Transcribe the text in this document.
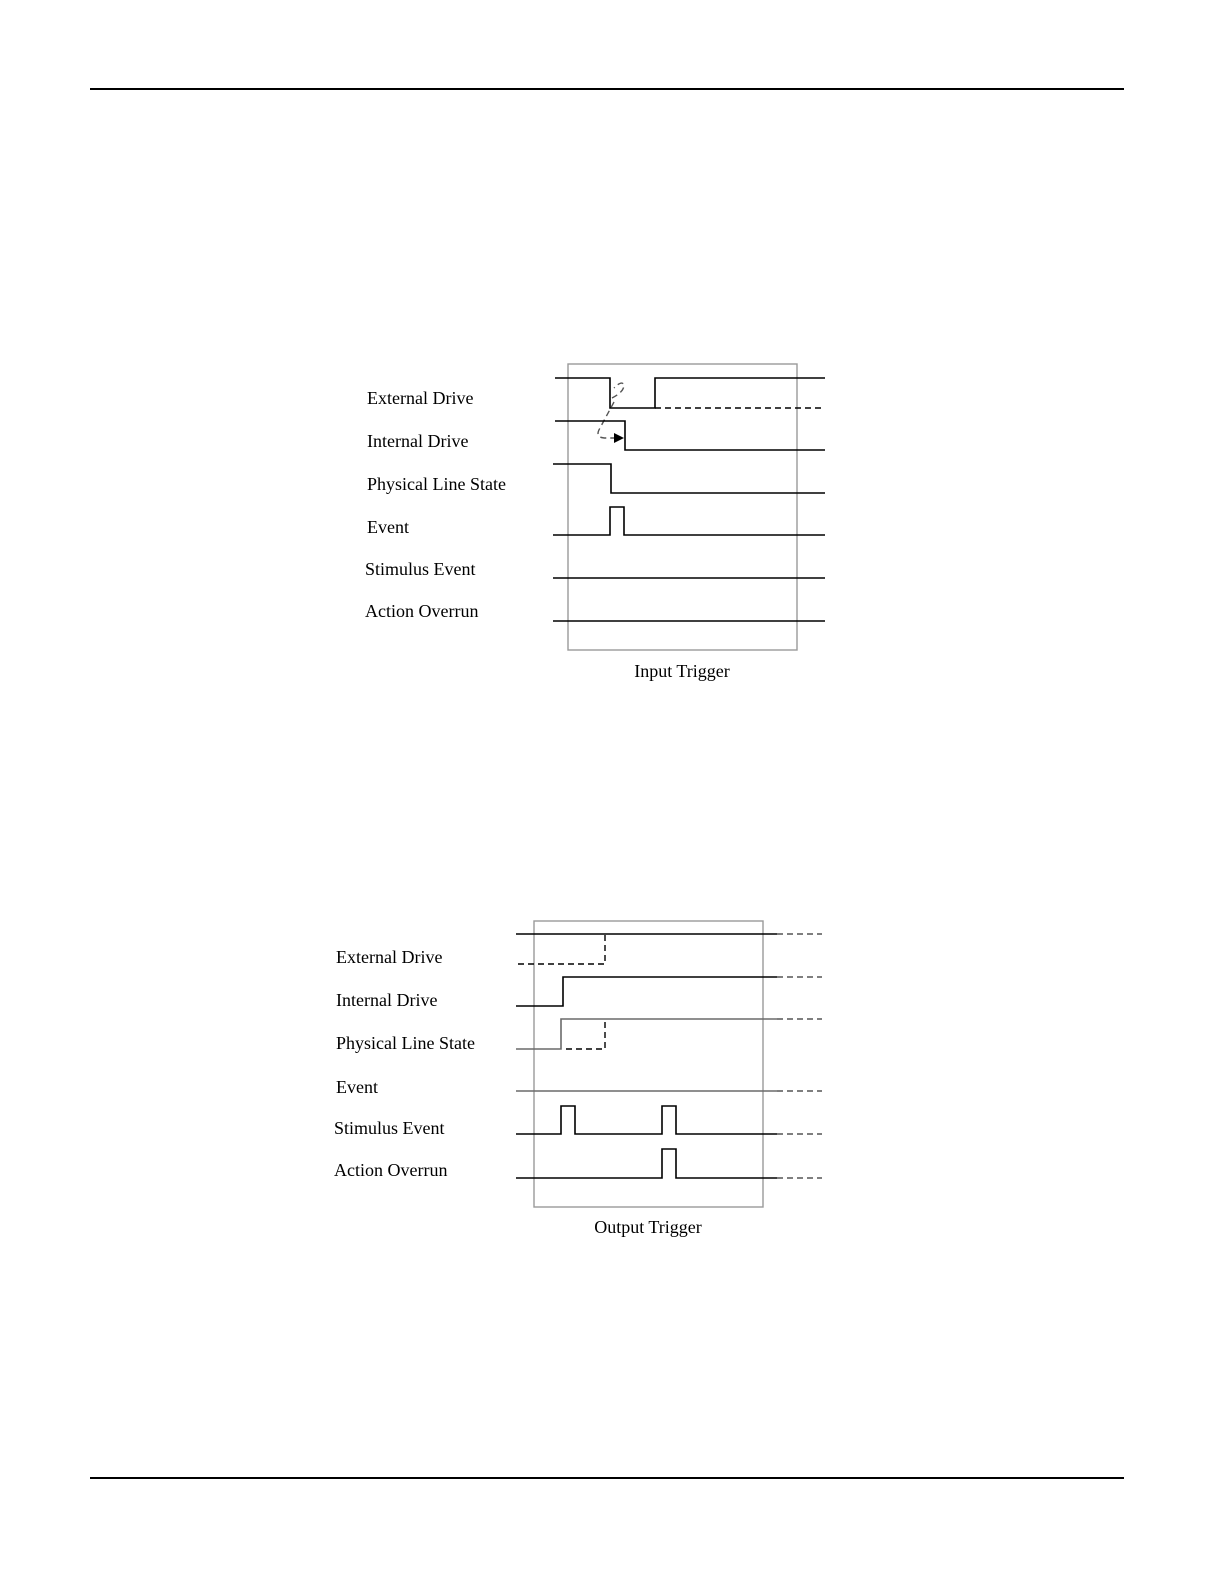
External Drive
Internal Drive
Physical Line State
Event
Stimulus Event
Action Overrun
Input Trigger
External Drive
Internal Drive
Physical Line State
Event
Stimulus Event
Action Overrun
Output Trigger
